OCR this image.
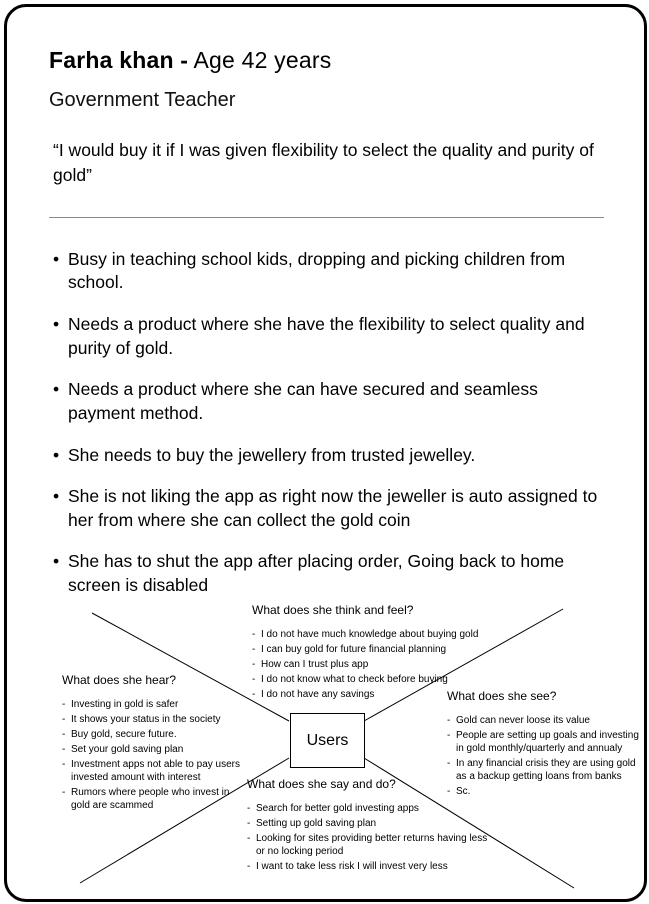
Farha khan - Age 42 years
Government Teacher

“I would buy it if I was given flexibility to select the quality and purity of gold”

• Busy in teaching school kids, dropping and picking children from school.
• Needs a product where she have the flexibility to select quality and purity of gold.
• Needs a product where she can have secured and seamless payment method.
• She needs to buy the jewellery from trusted jewelley.
• She is not liking the app as right now the jeweller is auto assigned to her from where she can collect the gold coin
• She has to shut the app after placing order, Going back to home screen is disabled
What does she think and feel?
- I do not have much knowledge about buying gold
- I can buy gold for future financial planning
- How can I trust plus app
- I do not know what to check before buying
- I do not have any savings
What does she hear?
- Investing in gold is safer
- It shows your status in the society
- Buy gold, secure future.
- Set your gold saving plan
- Investment apps not able to pay users invested amount with interest
- Rumors where people who invest in gold are scammed
What does she see?
- Gold can never loose its value
- People are setting up goals and investing in gold monthly/quarterly and annualy
- In any financial crisis they are using gold as a backup getting loans from banks
- Sc.
What does she say and do?
- Search for better gold investing apps
- Setting up gold saving plan
- Looking for sites providing better returns having less or no locking period
- I want to take less risk I will invest very less
Users
